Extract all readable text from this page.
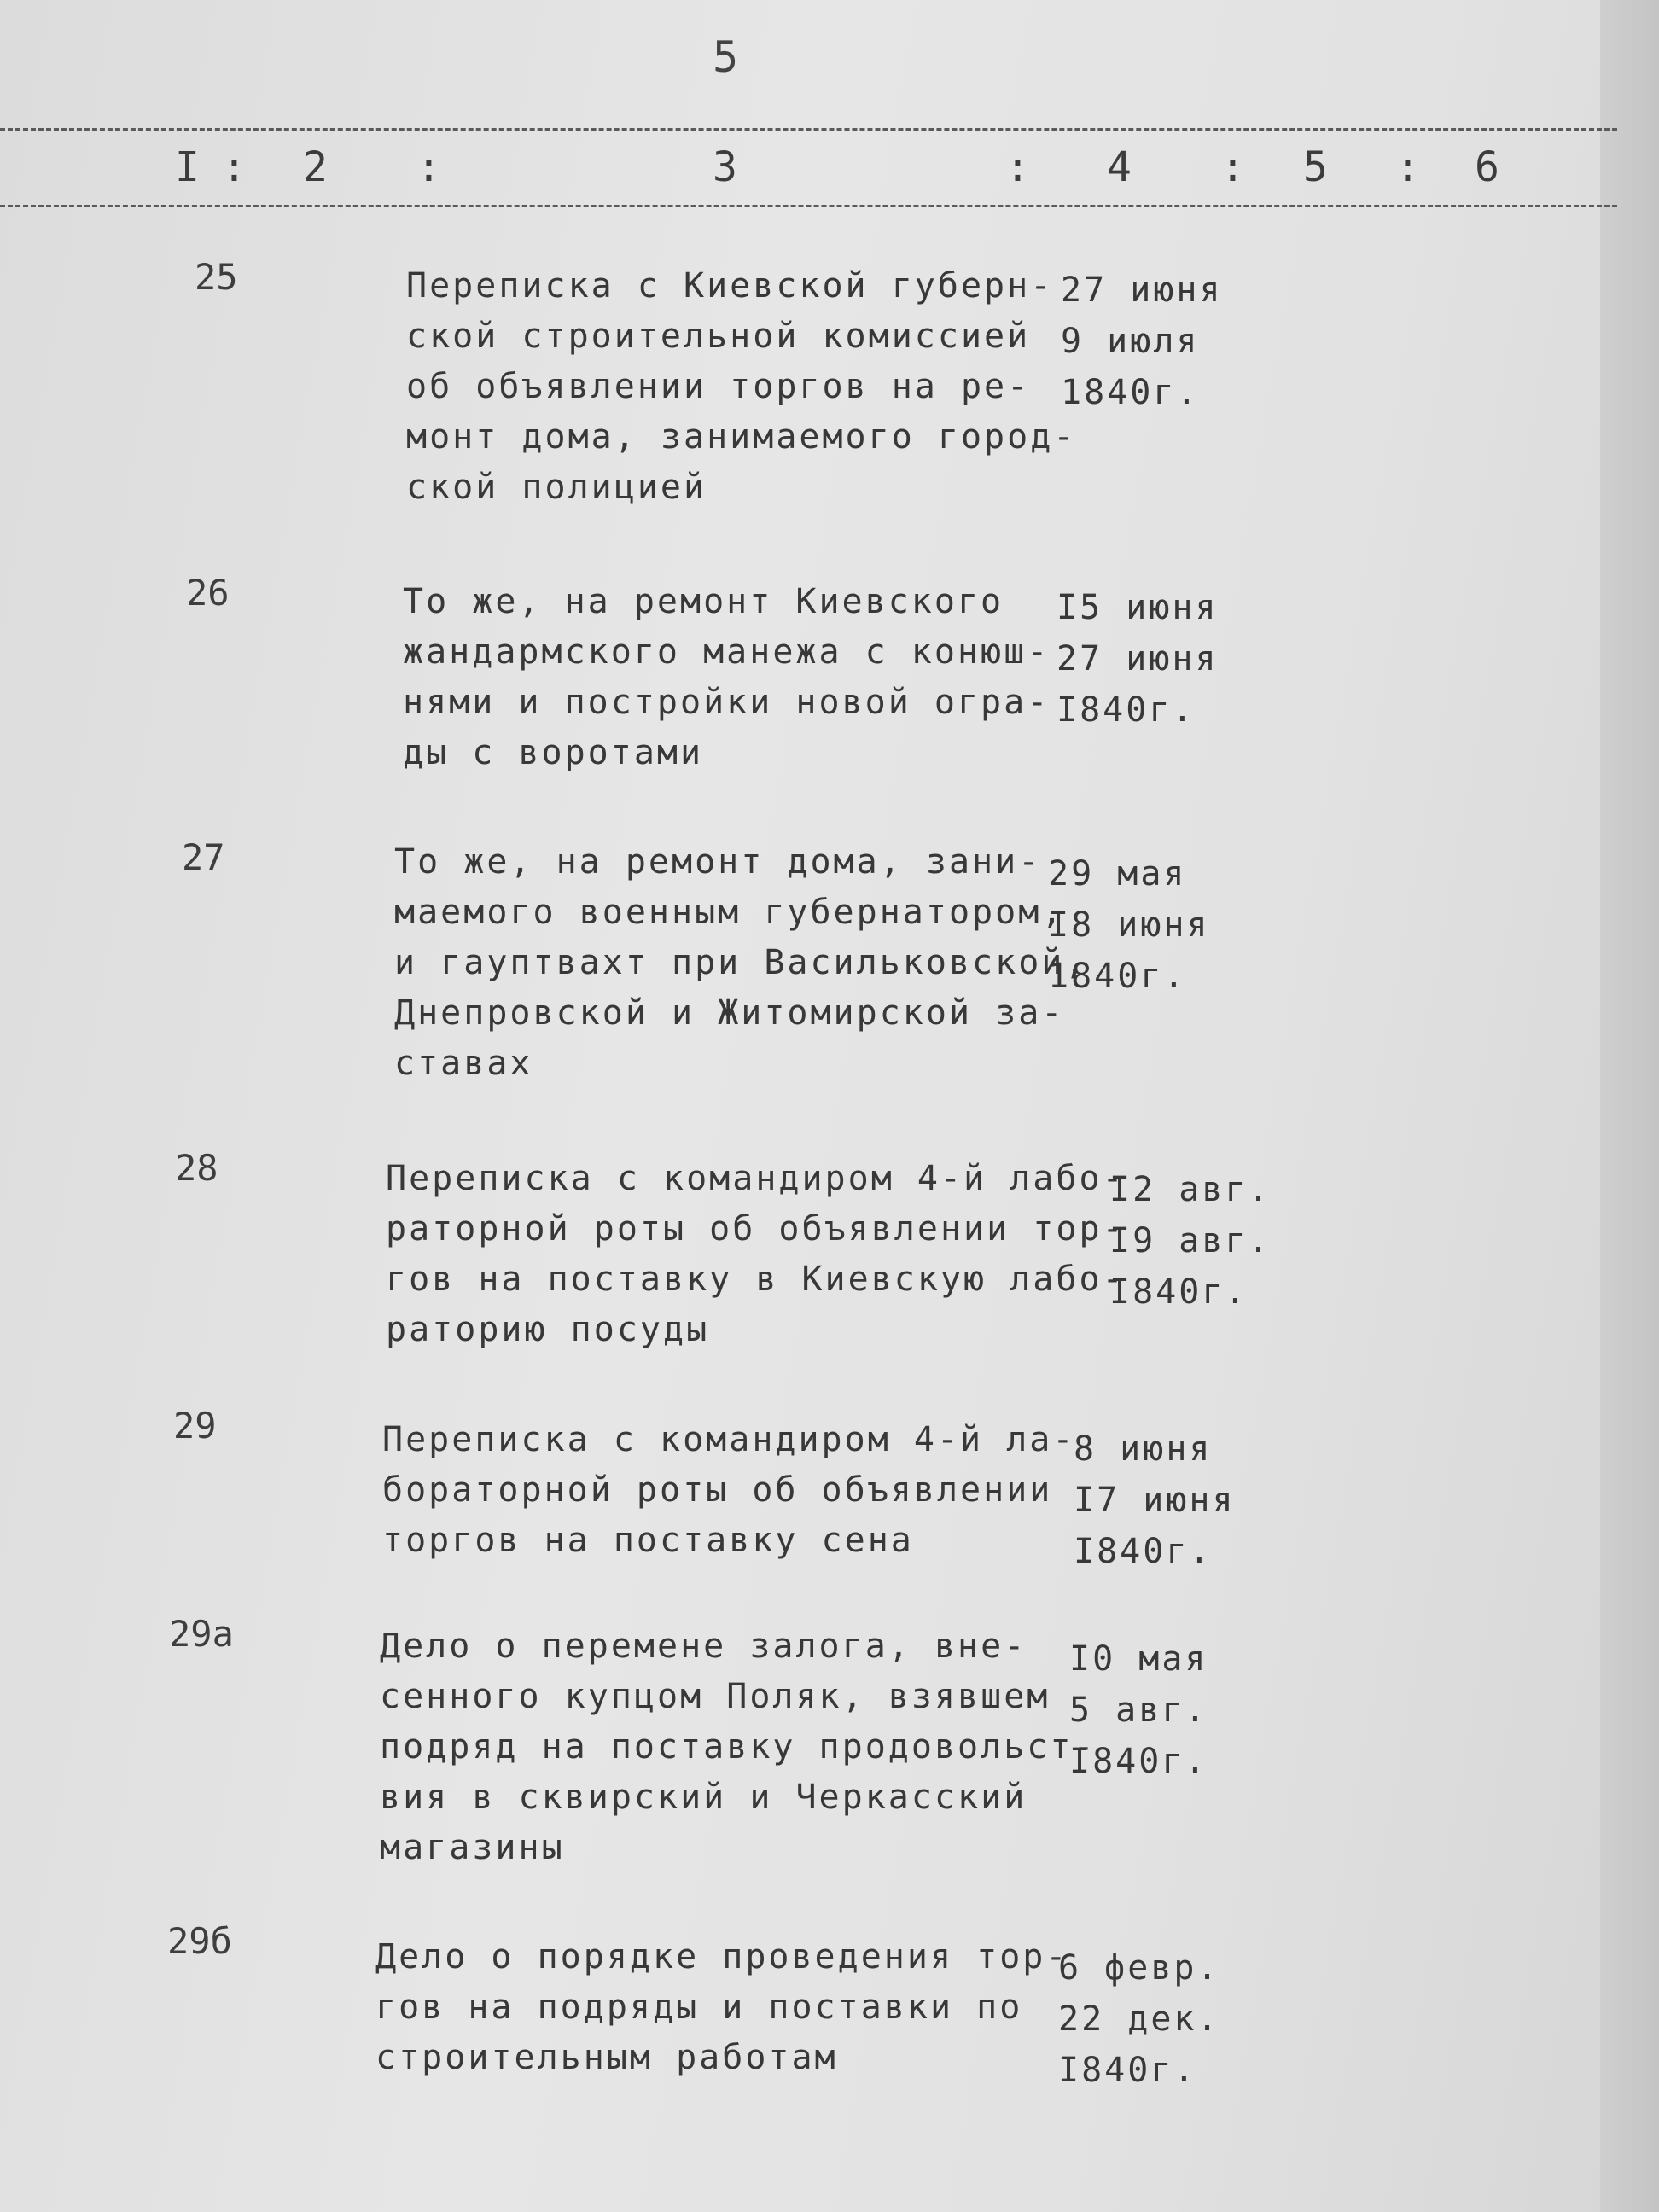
5
I : 2 :	3	: 4 : 5 : 6
25	Переписка с Киевской губерн-
ской строительной комиссией
об объявлении торгов на ре-
монт дома, занимаемого город-
ской полицией
27 июня
9 июля
1840г.
26	То же, на ремонт Киевского
жандармского манежа с конюш-
нями и постройки новой огра-
ды с воротами
I5 июня
27 июня
I840г.
27	То же, на ремонт дома, зани-
маемого военным губернатором,
и гауптвахт при Васильковской,
Днепровской и Житомирской за-
ставах
29 мая
I8 июня
1840г.
28	Переписка с командиром 4-й лабо-
раторной роты об объявлении тор-
гов на поставку в Киевскую лабо-
раторию посуды
I2 авг.
I9 авг.
I840г.
29	Переписка с командиром 4-й ла-
бораторной роты об объявлении
торгов на поставку сена
8 июня
I7 июня
I840г.
29а	Дело о перемене залога, вне-
сенного купцом Поляк, взявшем
подряд на поставку продовольст-
вия в сквирский и Черкасский
магазины
I0 мая
5 авг.
I840г.
29б	Дело о порядке проведения тор-
гов на подряды и поставки по
строительным работам
6 февр.
22 дек.
I840г.
